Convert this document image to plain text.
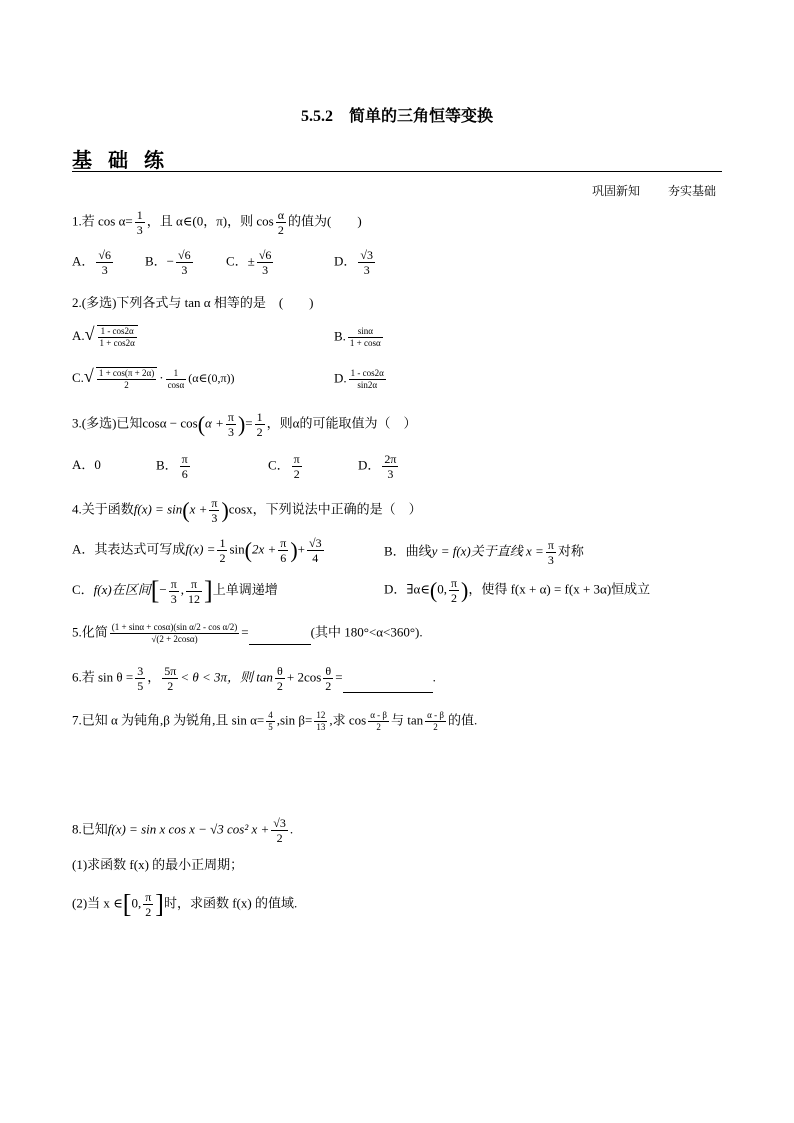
5.5.2　简单的三角恒等变换
基础练
巩固新知 夯实基础
1.若 $\cos \alpha= \frac{1}{3}$ ，且 α∈(0，π)，则 $\cos \frac{\alpha}{2}$ 的值为(　　)
A． $\frac{√6}{3}$ B．− $\frac{√6}{3}$	C．± $\frac{√6}{3}$	D． $\frac{√3}{3}$
2.(多选)下列各式与 tan α 相等的是　(　　)
$A.√ \frac{1 - \cos 2\alpha}{1 + \cos 2\alpha}$	B. $\frac{\sin\alpha}{1 + \cos\alpha}$
$C.√ \frac{1 + \cos(\pi + 2\alpha)}{2} \cdot \frac{1}{\cos\alpha}$ (α∈(0,π))	D. $\frac{1 - \cos 2\alpha}{\sin 2\alpha}$
3.(多选)已知$\cos\alpha - \cos(\alpha + \frac{\pi}{3}$ )= $\frac{1}{2}$ ，则α的可能取值为（　）
A．0	B． $\frac{\pi}{6}$	C． $\frac{\pi}{2}$	D． $\frac{2\pi}{3}$
4.关于函数$f(x) = \sin(x + \frac{\pi}{3} )\cos x$，下列说法中正确的是（　）
A．其表达式可写成$f(x) = \frac{1}{2} \sin(2x + \frac{\pi}{6}$ )+ $\frac{√3}{4}$	B．曲线y = f(x)关于直线 $x = \frac{\pi}{3}$ 对称
C．f(x)在区间[− $\frac{\pi}{3}$ , $\frac{\pi}{12}$ ]上单调递增	D．∃α∈(0, $\frac{\pi}{2}$ )，使得 f(x + α) = f(x + 3α)恒成立
5.化简 $\frac{\text{(1 + sinα + cosα)(sin α/2 - cos α/2)}}{√(2 + 2\cos\alpha)}$ =	(其中 180°<α<360°).
6.若 $\sin \theta = \frac{3}{5}$ ， $\frac{5\pi}{2} < \theta < 3\pi$，则 $\tan \frac{\theta}{2} + 2\cos \frac{\theta}{2}$ =	.
7.已知 α 为钝角,β 为锐角,且 $\sin \alpha= \frac{4}{5} ,\sin$ $\beta= \frac{12}{13}$ ,求 $\cos \frac{\alpha - \beta}{2}$ 与 $\tan \frac{\alpha - \beta}{2}$ 的值.
8.已知f(x) = sin x cos x − √3 cos² $x + \frac{√3}{2}$ .
(1)求函数 f(x) 的最小正周期；
(2)当 x ∈[0, $\frac{\pi}{2}$ ]时，求函数 f(x) 的值域.
